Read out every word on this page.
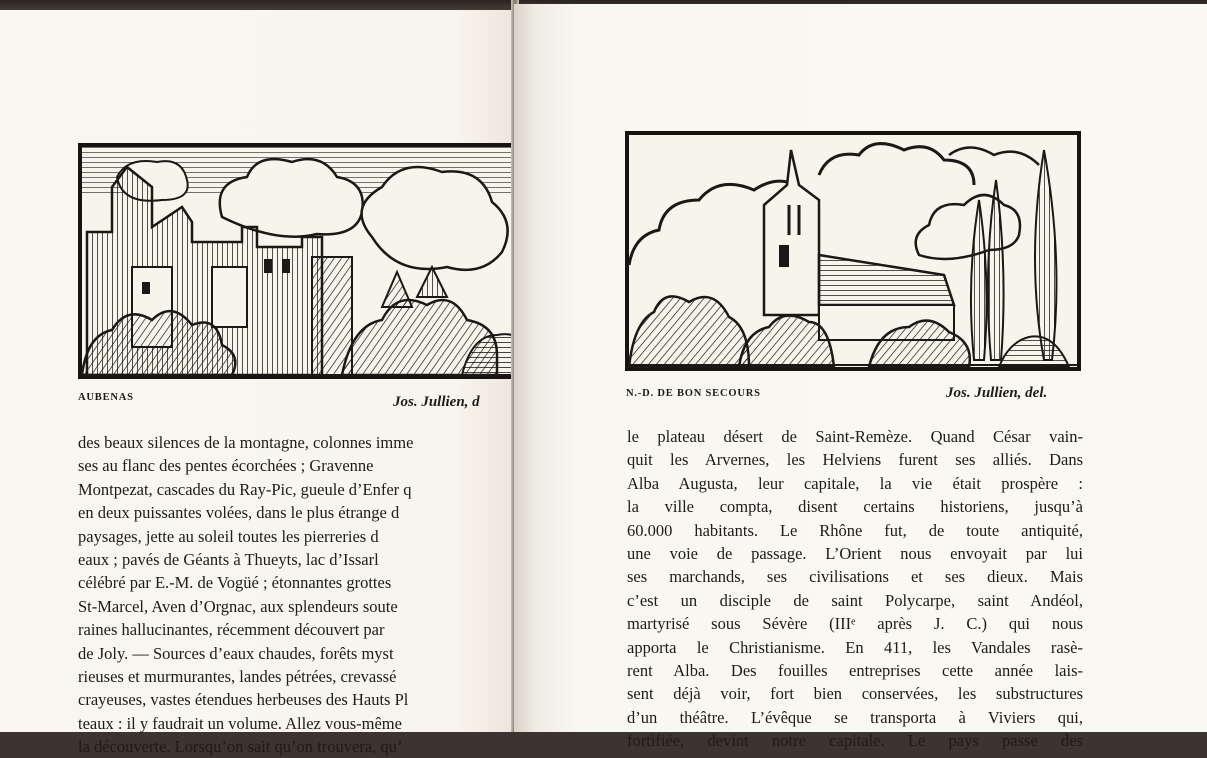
AUBENAS	Jos. Jullien, d
des beaux silences de la montagne, colonnes imme
ses au flanc des pentes écorchées ; Gravenne
Montpezat, cascades du Ray-Pic, gueule d’Enfer q
en deux puissantes volées, dans le plus étrange d
paysages, jette au soleil toutes les pierreries d
eaux ; pavés de Géants à Thueyts, lac d’Issarl
célébré par E.-M. de Vogüé ; étonnantes grottes
St-Marcel, Aven d’Orgnac, aux splendeurs soute
raines hallucinantes, récemment découvert par
de Joly. — Sources d’eaux chaudes, forêts myst
rieuses et murmurantes, landes pétrées, crevassé
crayeuses, vastes étendues herbeuses des Hauts Pl
teaux : il y faudrait un volume. Allez vous-même
la découverte. Lorsqu’on sait qu’on trouvera, qu’
N.-D. DE BON SECOURS	Jos. Jullien, del.
le plateau désert de Saint-Remèze. Quand César vain-
quit les Arvernes, les Helviens furent ses alliés. Dans
Alba Augusta, leur capitale, la vie était prospère :
la ville compta, disent certains historiens, jusqu’à
60.000 habitants. Le Rhône fut, de toute antiquité,
une voie de passage. L’Orient nous envoyait par lui
ses marchands, ses civilisations et ses dieux. Mais
c’est un disciple de saint Polycarpe, saint Andéol,
martyrisé sous Sévère (IIIᵉ après J. C.) qui nous
apporta le Christianisme. En 411, les Vandales rasè-
rent Alba. Des fouilles entreprises cette année lais-
sent déjà voir, fort bien conservées, les substructures
d’un théâtre. L’évêque se transporta à Viviers qui,
fortifiée, devint notre capitale. Le pays passe des
